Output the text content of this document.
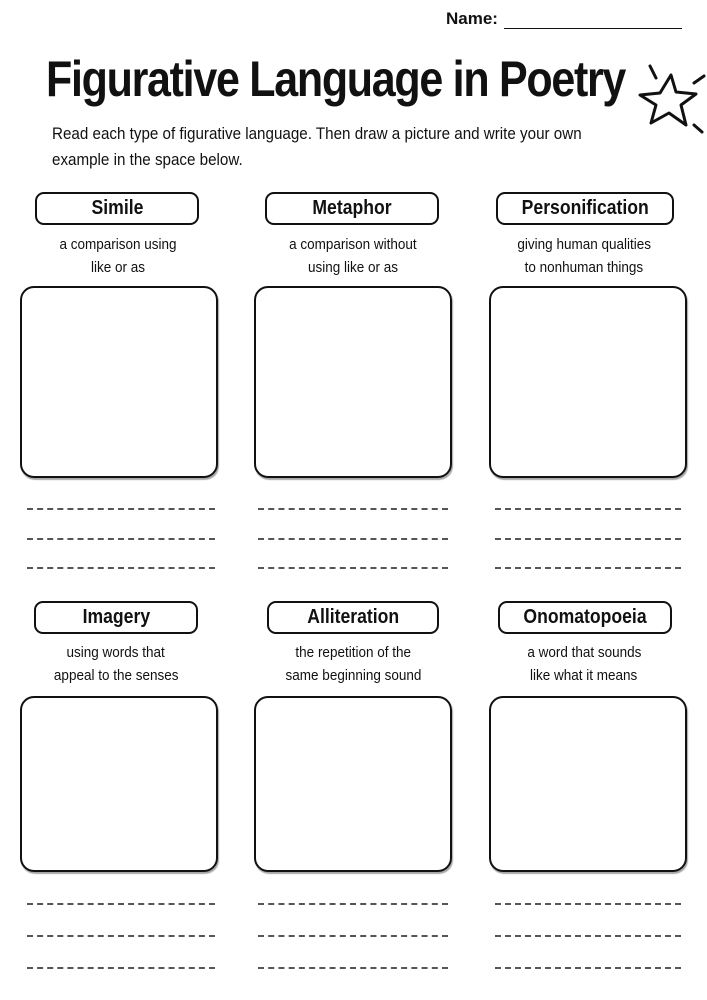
Name:
Figurative Language in Poetry
Read each type of figurative language. Then draw a picture and write your own example in the space below.
Simile
a comparison using
like or as
Metaphor
a comparison without
using like or as
Personification
giving human qualities
to nonhuman things
Imagery
using words that
appeal to the senses
Alliteration
the repetition of the
same beginning sound
Onomatopoeia
a word that sounds
like what it means
